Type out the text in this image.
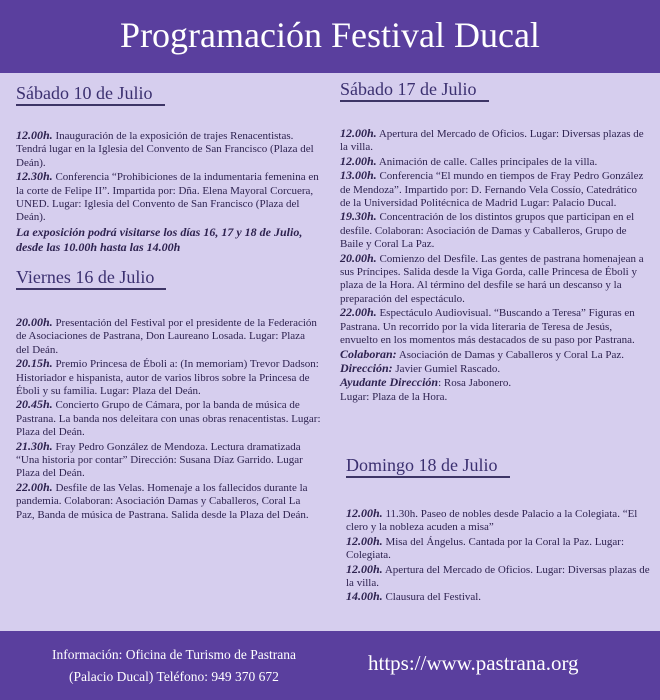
Programación Festival Ducal
Sábado 10 de Julio

12.00h. Inauguración de la exposición de trajes Renacentistas. Tendrá lugar en la Iglesia del Convento de San Francisco (Plaza del Deán).

12.30h. Conferencia “Prohibiciones de la indumentaria femenina en la corte de Felipe II”. Impartida por: Dña. Elena Mayoral Corcuera, UNED. Lugar: Iglesia del Convento de San Francisco (Plaza del Deán).

La exposición podrá visitarse los días 16, 17 y 18 de Julio, desde las 10.00h hasta las 14.00h

Viernes 16 de Julio

20.00h. Presentación del Festival por el presidente de la Federación de Asociaciones de Pastrana, Don Laureano Losada. Lugar: Plaza del Deán.

20.15h. Premio Princesa de Éboli a: (In memoriam) Trevor Dadson: Historiador e hispanista, autor de varios libros sobre la Princesa de Éboli y su familia. Lugar: Plaza del Deán.

20.45h. Concierto Grupo de Cámara, por la banda de música de Pastrana. La banda nos deleitara con unas obras renacentistas. Lugar: Plaza del Deán.

21.30h. Fray Pedro González de Mendoza. Lectura dramatizada “Una historia por contar” Dirección: Susana Díaz Garrido. Lugar Plaza del Deán.

22.00h. Desfile de las Velas. Homenaje a los fallecidos durante la pandemia. Colaboran: Asociación Damas y Caballeros, Coral La Paz, Banda de música de Pastrana. Salida desde la Plaza del Deán.

Sábado 17 de Julio

12.00h. Apertura del Mercado de Oficios. Lugar: Diversas plazas de la villa.

12.00h. Animación de calle. Calles principales de la villa.

13.00h. Conferencia “El mundo en tiempos de Fray Pedro González de Mendoza”. Impartido por: D. Fernando Vela Cossío, Catedrático de la Universidad Politécnica de Madrid Lugar: Palacio Ducal.

19.30h. Concentración de los distintos grupos que participan en el desfile. Colaboran: Asociación de Damas y Caballeros, Grupo de Baile y Coral La Paz.

20.00h. Comienzo del Desfile. Las gentes de pastrana homenajean a sus Príncipes. Salida desde la Viga Gorda, calle Princesa de Éboli y plaza de la Hora. Al término del desfile se hará un descanso y la preparación del espectáculo.

22.00h. Espectáculo Audiovisual. “Buscando a Teresa” Figuras en Pastrana. Un recorrido por la vida literaria de Teresa de Jesús, envuelto en los momentos más destacados de su paso por Pastrana.

Colaboran: Asociación de Damas y Caballeros y Coral La Paz.

Dirección: Javier Gumiel Rascado.

Ayudante Dirección: Rosa Jabonero.

Lugar: Plaza de la Hora.

Domingo 18 de Julio

12.00h. 11.30h. Paseo de nobles desde Palacio a la Colegiata. “El clero y la nobleza acuden a misa”

12.00h. Misa del Ángelus. Cantada por la Coral la Paz. Lugar: Colegiata.

12.00h. Apertura del Mercado de Oficios. Lugar: Diversas plazas de la villa.

14.00h. Clausura del Festival.

Información: Oficina de Turismo de Pastrana
(Palacio Ducal) Teléfono: 949 370 672
https://www.pastrana.org
